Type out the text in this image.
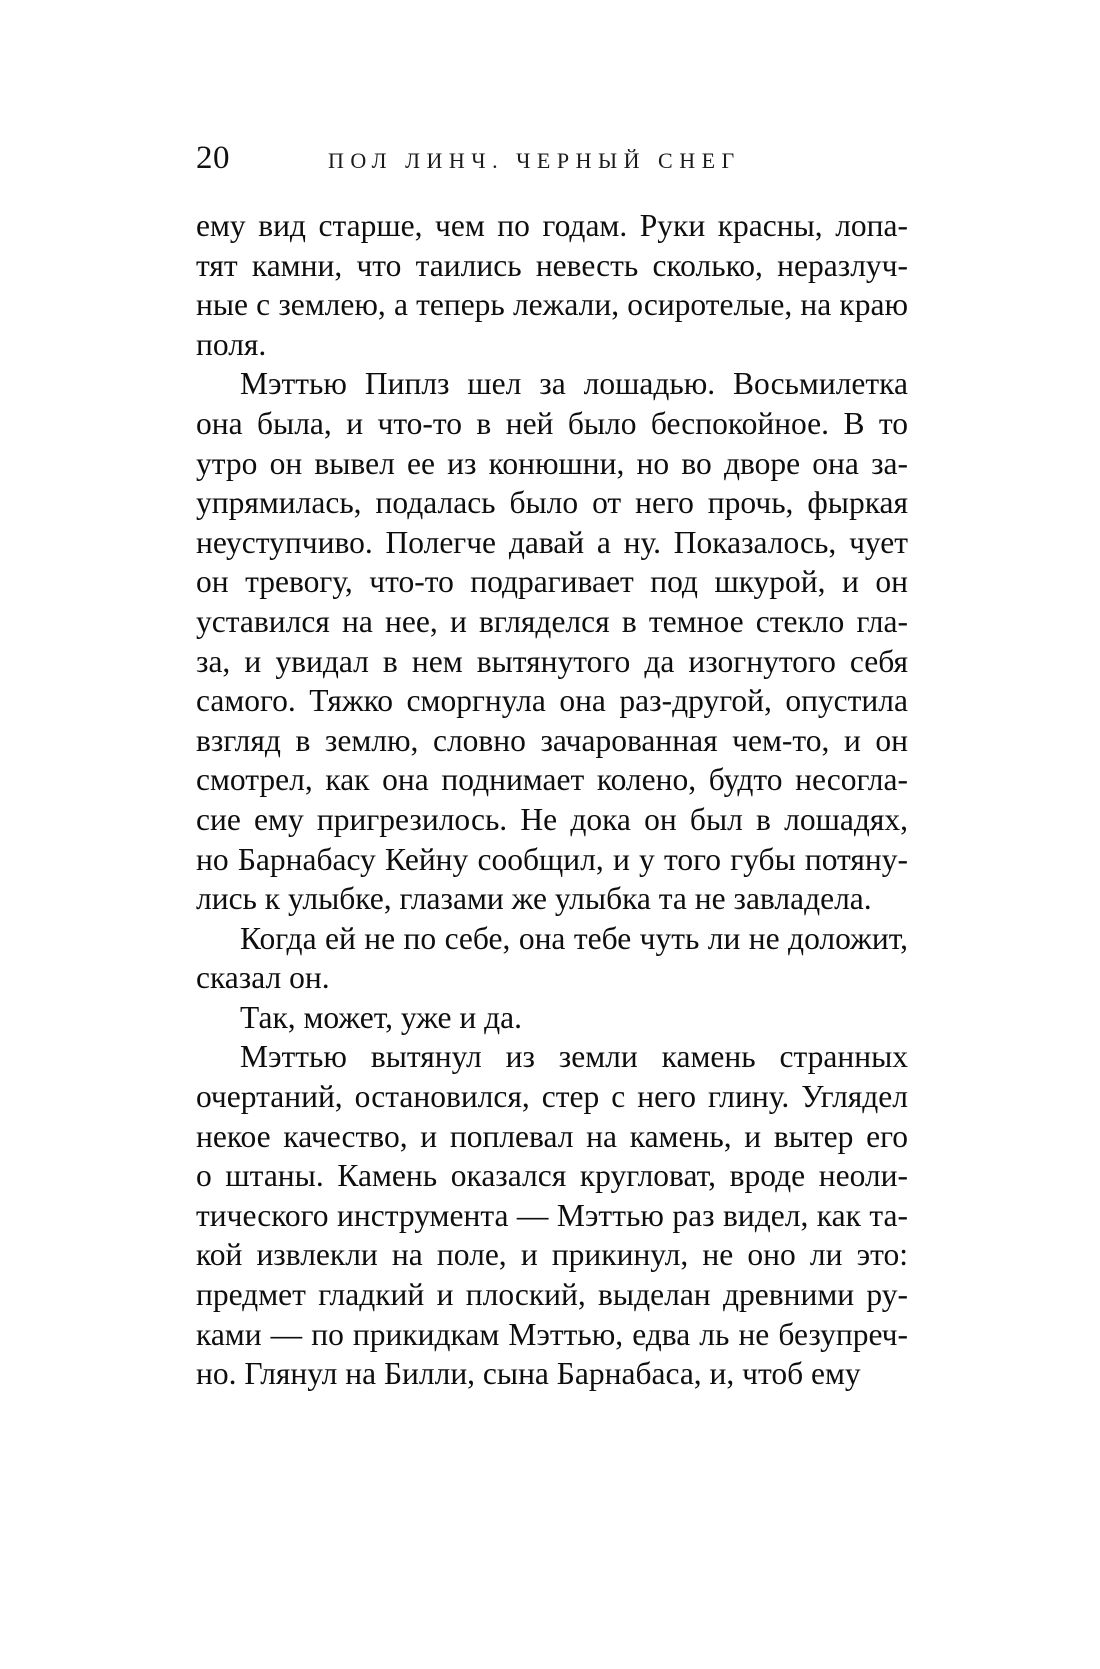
20	ПОЛ ЛИНЧ. ЧЕРНЫЙ СНЕГ

ему вид старше, чем по годам. Руки красны, лопа-
тят камни, что таились невесть сколько, неразлуч-
ные с землею, а теперь лежали, осиротелые, на краю
поля.

Мэттью Пиплз шел за лошадью. Восьмилетка
она была, и что-то в ней было беспокойное. В то
утро он вывел ее из конюшни, но во дворе она за-
упрямилась, подалась было от него прочь, фыркая
неуступчиво. Полегче давай а ну. Показалось, чует
он тревогу, что-то подрагивает под шкурой, и он
уставился на нее, и вгляделся в темное стекло гла-
за, и увидал в нем вытянутого да изогнутого себя
самого. Тяжко сморгнула она раз-другой, опустила
взгляд в землю, словно зачарованная чем-то, и он
смотрел, как она поднимает колено, будто несогла-
сие ему пригрезилось. Не дока он был в лошадях,
но Барнабасу Кейну сообщил, и у того губы потяну-
лись к улыбке, глазами же улыбка та не завладела.

Когда ей не по себе, она тебе чуть ли не доложит,
сказал он.

Так, может, уже и да.

Мэттью вытянул из земли камень странных
очертаний, остановился, стер с него глину. Углядел
некое качество, и поплевал на камень, и вытер его
о штаны. Камень оказался кругловат, вроде неоли-
тического инструмента — Мэттью раз видел, как та-
кой извлекли на поле, и прикинул, не оно ли это:
предмет гладкий и плоский, выделан древними ру-
ками — по прикидкам Мэттью, едва ль не безупреч-
но. Глянул на Билли, сына Барнабаса, и, чтоб ему
